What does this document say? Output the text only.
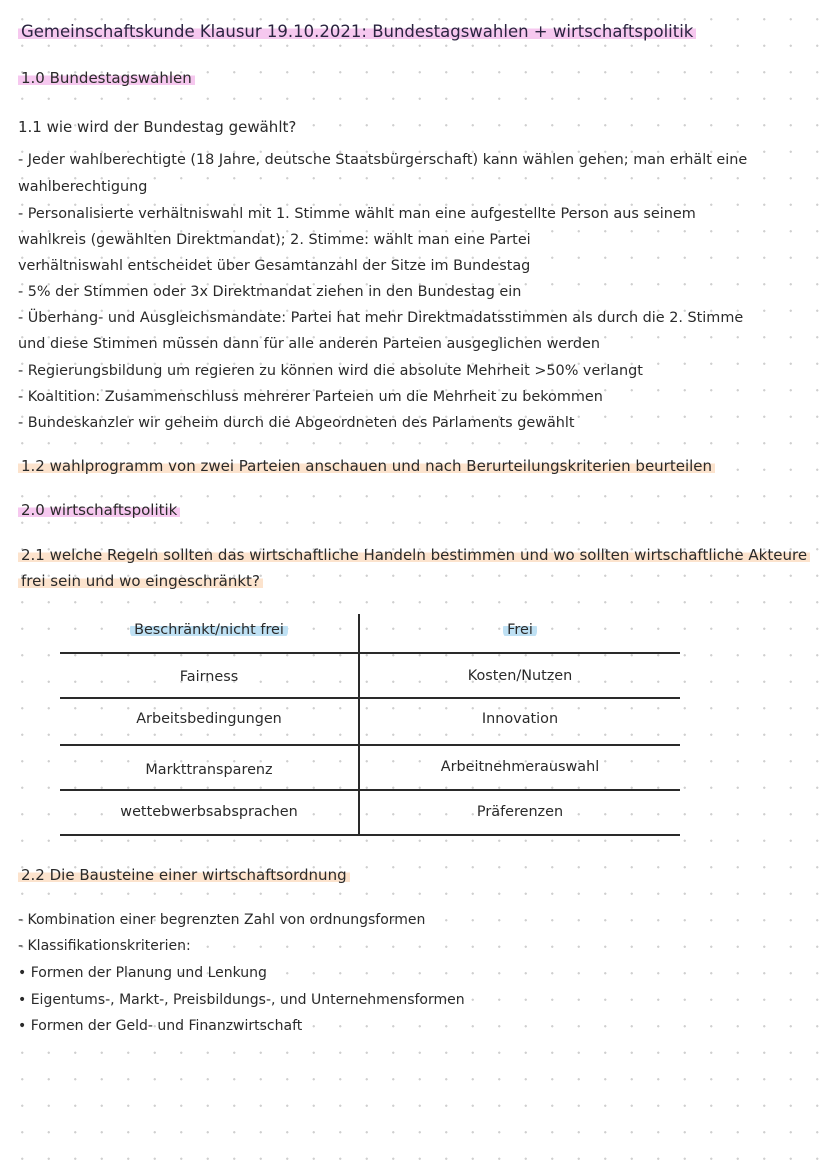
Gemeinschaftskunde Klausur 19.10.2021: Bundestagswahlen + wirtschaftspolitik
1.0 Bundestagswahlen
1.1 wie wird der Bundestag gewählt?
- Jeder wahlberechtigte (18 Jahre, deutsche Staatsbürgerschaft) kann wählen gehen; man erhält eine
wahlberechtigung
- Personalisierte verhältniswahl mit 1. Stimme wählt man eine aufgestellte Person aus seinem
wahlkreis (gewählten Direktmandat); 2. Stimme: wählt man eine Partei
verhältniswahl entscheidet über Gesamtanzahl der Sitze im Bundestag
- 5% der Stimmen oder 3x Direktmandat ziehen in den Bundestag ein
- Überhang- und Ausgleichsmandate: Partei hat mehr Direktmadatsstimmen als durch die 2. Stimme
und diese Stimmen müssen dann für alle anderen Parteien ausgeglichen werden
- Regierungsbildung um regieren zu können wird die absolute Mehrheit >50% verlangt
- Koaltition: Zusammenschluss mehrerer Parteien um die Mehrheit zu bekommen
- Bundeskanzler wir geheim durch die Abgeordneten des Parlaments gewählt
1.2 wahlprogramm von zwei Parteien anschauen und nach Berurteilungskriterien beurteilen
2.0 wirtschaftspolitik
2.1 welche Regeln sollten das wirtschaftliche Handeln bestimmen und wo sollten wirtschaftliche Akteure
frei sein und wo eingeschränkt?
Beschränkt/nicht frei	Frei
Fairness	Kosten/Nutzen
Arbeitsbedingungen	Innovation
Markttransparenz	Arbeitnehmerauswahl
wettebwerbsabsprachen	Präferenzen
2.2 Die Bausteine einer wirtschaftsordnung
- Kombination einer begrenzten Zahl von ordnungsformen
- Klassifikationskriterien:
• Formen der Planung und Lenkung
• Eigentums-, Markt-, Preisbildungs-, und Unternehmensformen
• Formen der Geld- und Finanzwirtschaft
